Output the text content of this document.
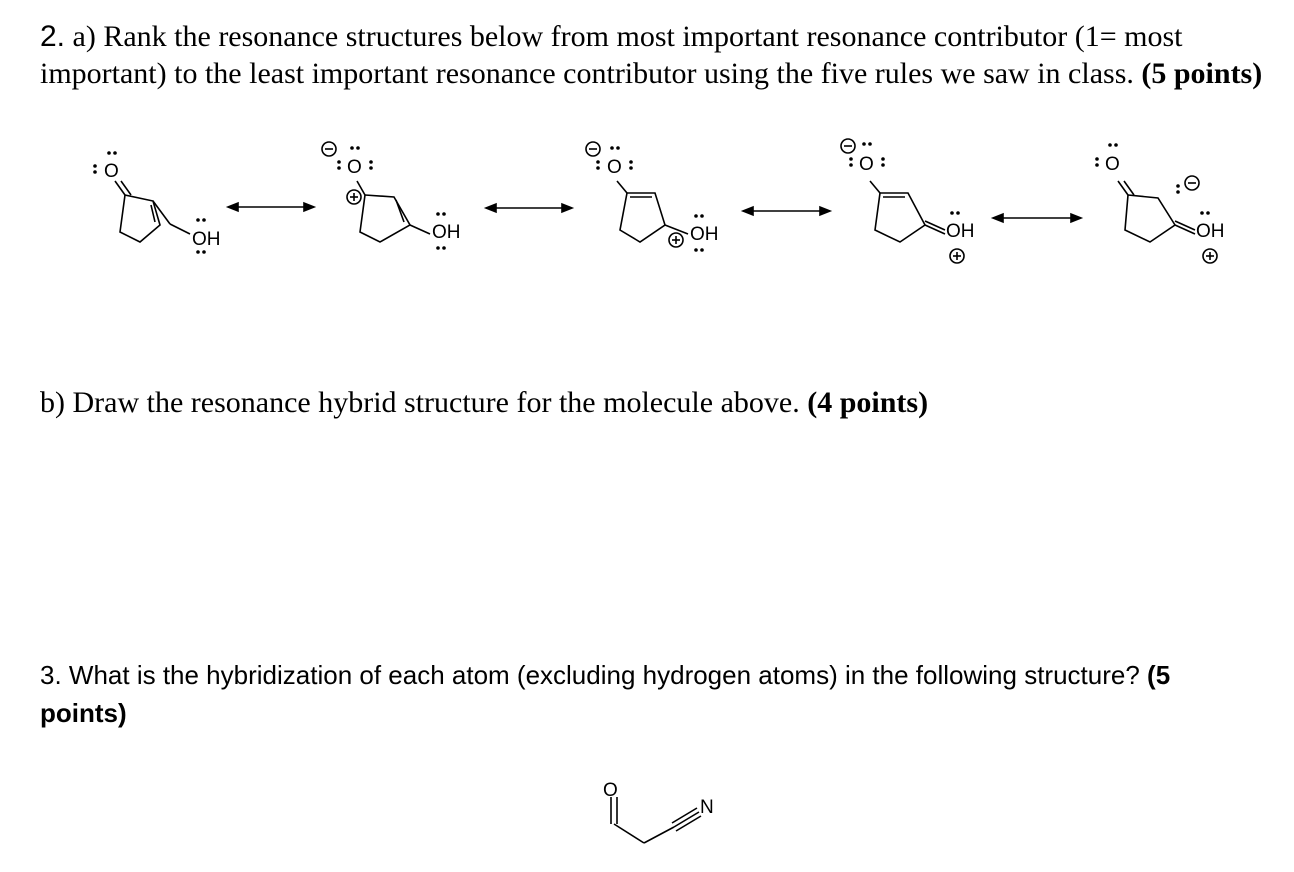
2. a) Rank the resonance structures below from most important resonance contributor (1= most important) to the least important resonance contributor using the five rules we saw in class. (5 points)
O
OH
O
OH
O
OH
O
OH
O
OH
O
N
b) Draw the resonance hybrid structure for the molecule above. (4 points)
3. What is the hybridization of each atom (excluding hydrogen atoms) in the following structure? (5 points)
